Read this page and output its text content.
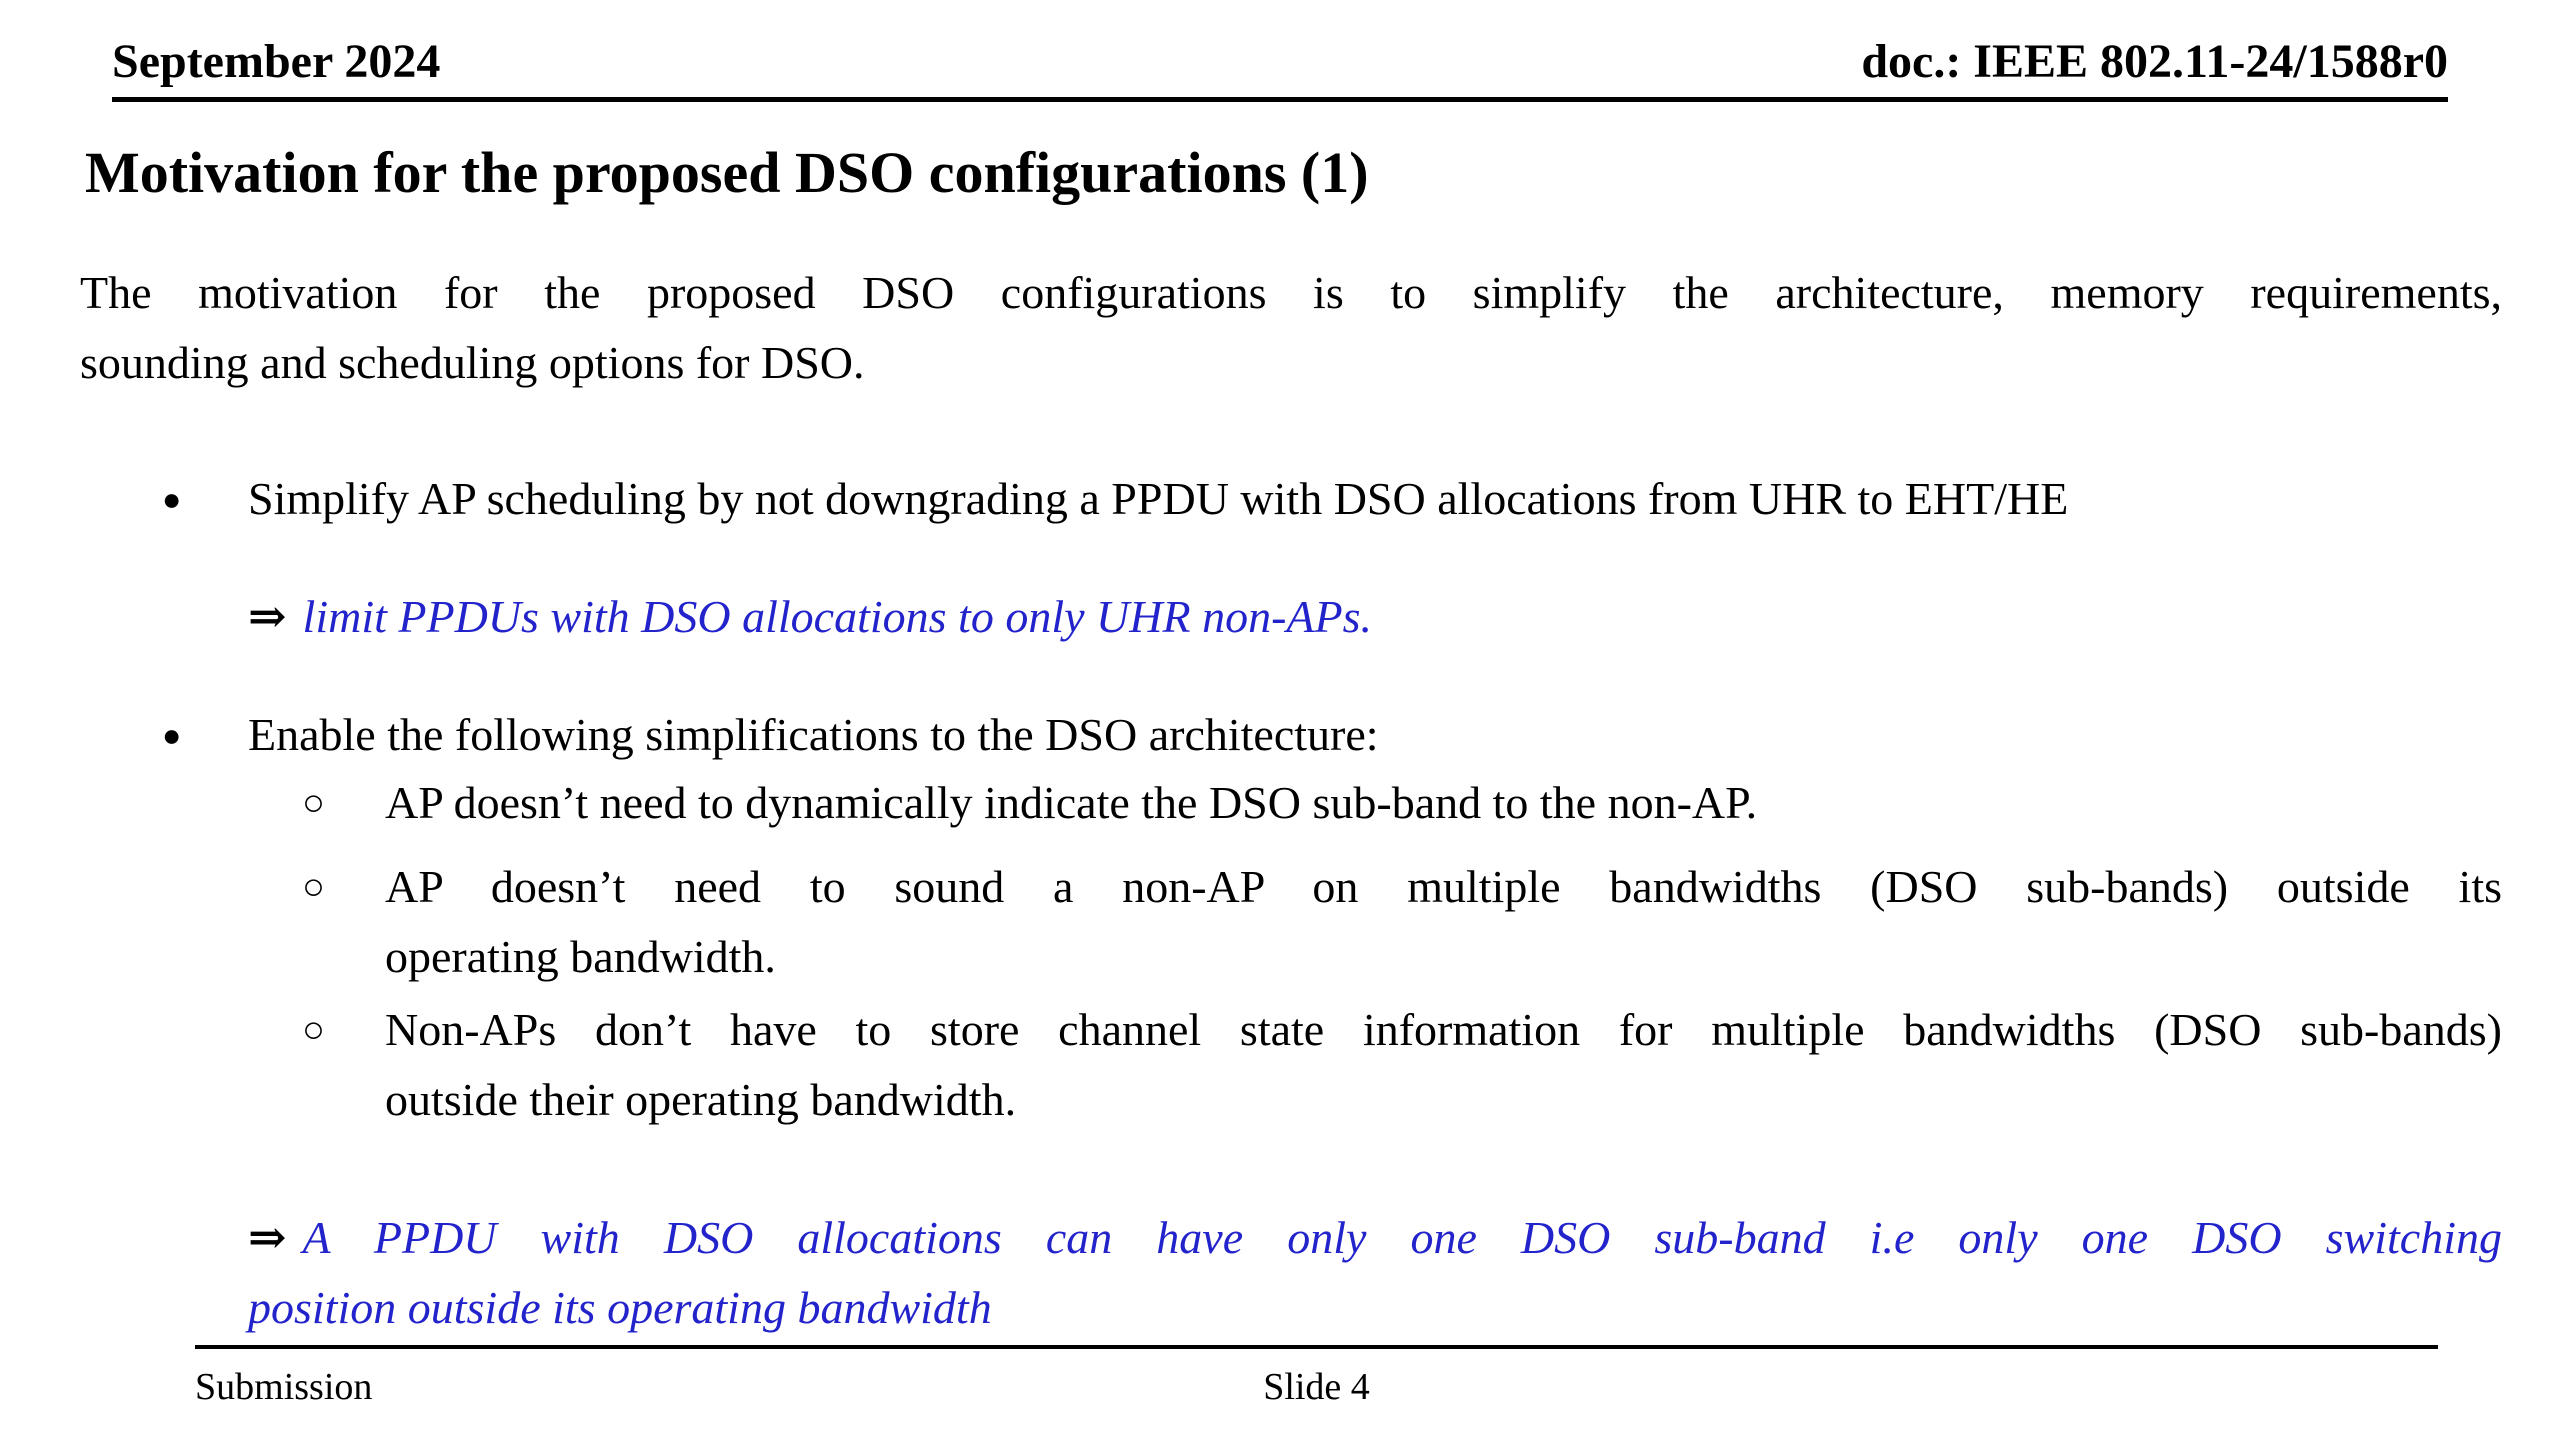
September 2024	doc.: IEEE 802.11-24/1588r0
Motivation for the proposed DSO configurations (1)
The motivation for the proposed DSO configurations is to simplify the architecture, memory requirements,
sounding and scheduling options for DSO.
● Simplify AP scheduling by not downgrading a PPDU with DSO allocations from UHR to EHT/HE
⇒ limit PPDUs with DSO allocations to only UHR non-APs.
● Enable the following simplifications to the DSO architecture:
○ AP doesn’t need to dynamically indicate the DSO sub-band to the non-AP.
○ AP doesn’t need to sound a non-AP on multiple bandwidths (DSO sub-bands) outside its
operating bandwidth.
○ Non-APs don’t have to store channel state information for multiple bandwidths (DSO sub-bands)
outside their operating bandwidth.
⇒ A PPDU with DSO allocations can have only one DSO sub-band i.e only one DSO switching
position outside its operating bandwidth
Submission	Slide 4
